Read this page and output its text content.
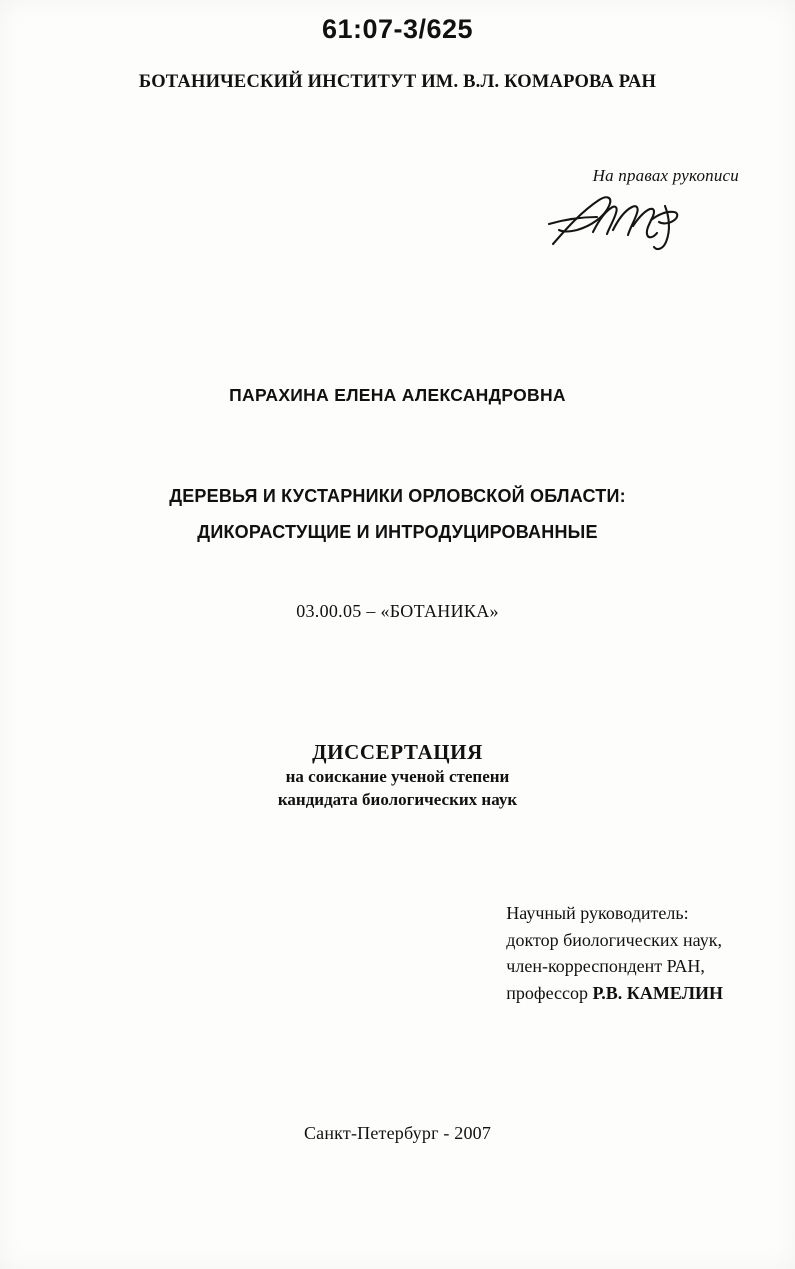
61:07-3/625
БОТАНИЧЕСКИЙ ИНСТИТУТ ИМ. В.Л. КОМАРОВА РАН
На правах рукописи
ПАРАХИНА ЕЛЕНА АЛЕКСАНДРОВНА
ДЕРЕВЬЯ И КУСТАРНИКИ ОРЛОВСКОЙ ОБЛАСТИ:
ДИКОРАСТУЩИЕ И ИНТРОДУЦИРОВАННЫЕ
03.00.05 – «БОТАНИКА»
ДИССЕРТАЦИЯ
на соискание ученой степени
кандидата биологических наук
Научный руководитель:
доктор биологических наук,
член-корреспондент РАН,
профессор Р.В. КАМЕЛИН
Санкт-Петербург - 2007
